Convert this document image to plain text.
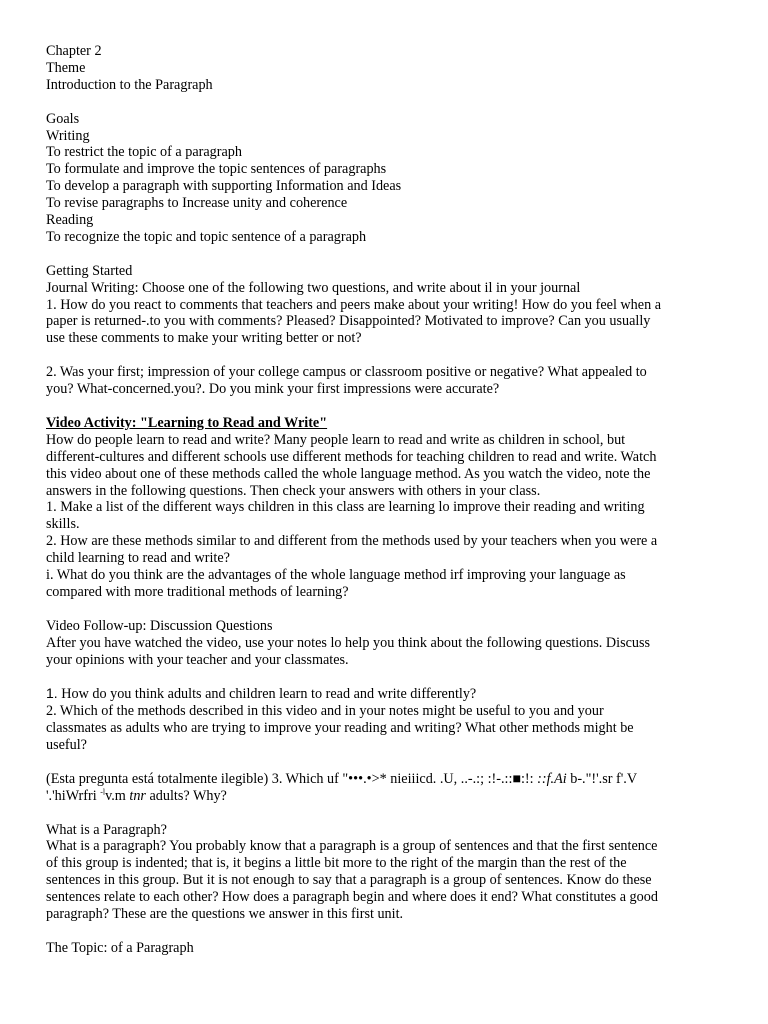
Chapter 2
Theme
Introduction to the Paragraph
Goals
Writing
To restrict the topic of a paragraph
To formulate and improve the topic sentences of paragraphs
To develop a paragraph with supporting Information and Ideas
To revise paragraphs to Increase unity and coherence
Reading
To recognize the topic and topic sentence of a paragraph
Getting Started
Journal Writing: Choose one of the following two questions, and write about il in your journal
1. How do you react to comments that teachers and peers make about your writing! How do you feel when a
paper is returned-.to you with comments? Pleased? Disappointed? Motivated to improve? Can you usually
use these comments to make your writing better or not?
2. Was your first; impression of your college campus or classroom positive or negative? What appealed to
you? What-concerned.you?. Do you mink your first impressions were accurate?
Video Activity: "Learning to Read and Write"
How do people learn to read and write? Many people learn to read and write as children in school, but
different-cultures and different schools use different methods for teaching children to read and write. Watch
this video about one of these methods called the whole language method. As you watch the video, note the
answers in the following questions. Then check your answers with others in your class.
1. Make a list of the different ways children in this class are learning lo improve their reading and writing
skills.
2. How are these methods similar to and different from the methods used by your teachers when you were a
child learning to read and write?
i. What do you think are the advantages of the whole language method irf improving your language as
compared with more traditional methods of learning?
Video Follow-up: Discussion Questions
After you have watched the video, use your notes lo help you think about the following questions. Discuss
your opinions with your teacher and your classmates.
1. How do you think adults and children learn to read and write differently?
2. Which of the methods described in this video and in your notes might be useful to you and your
classmates as adults who are trying to improve your reading and writing? What other methods might be
useful?
(Esta pregunta está totalmente ilegible) 3. Which uf "•••.•>* nieiiicd. .U, ..-.:; :!-.::■:!: ::f.Ai b-."!'.sr f'.V
'.'hiWrfri $^{-l}$v.m tnr adults? Why?
What is a Paragraph?
What is a paragraph? You probably know that a paragraph is a group of sentences and that the first sentence
of this group is indented; that is, it begins a little bit more to the right of the margin than the rest of the
sentences in this group. But it is not enough to say that a paragraph is a group of sentences. Know do these
sentences relate to each other? How does a paragraph begin and where does it end? What constitutes a good
paragraph? These are the questions we answer in this first unit.
The Topic: of a Paragraph
